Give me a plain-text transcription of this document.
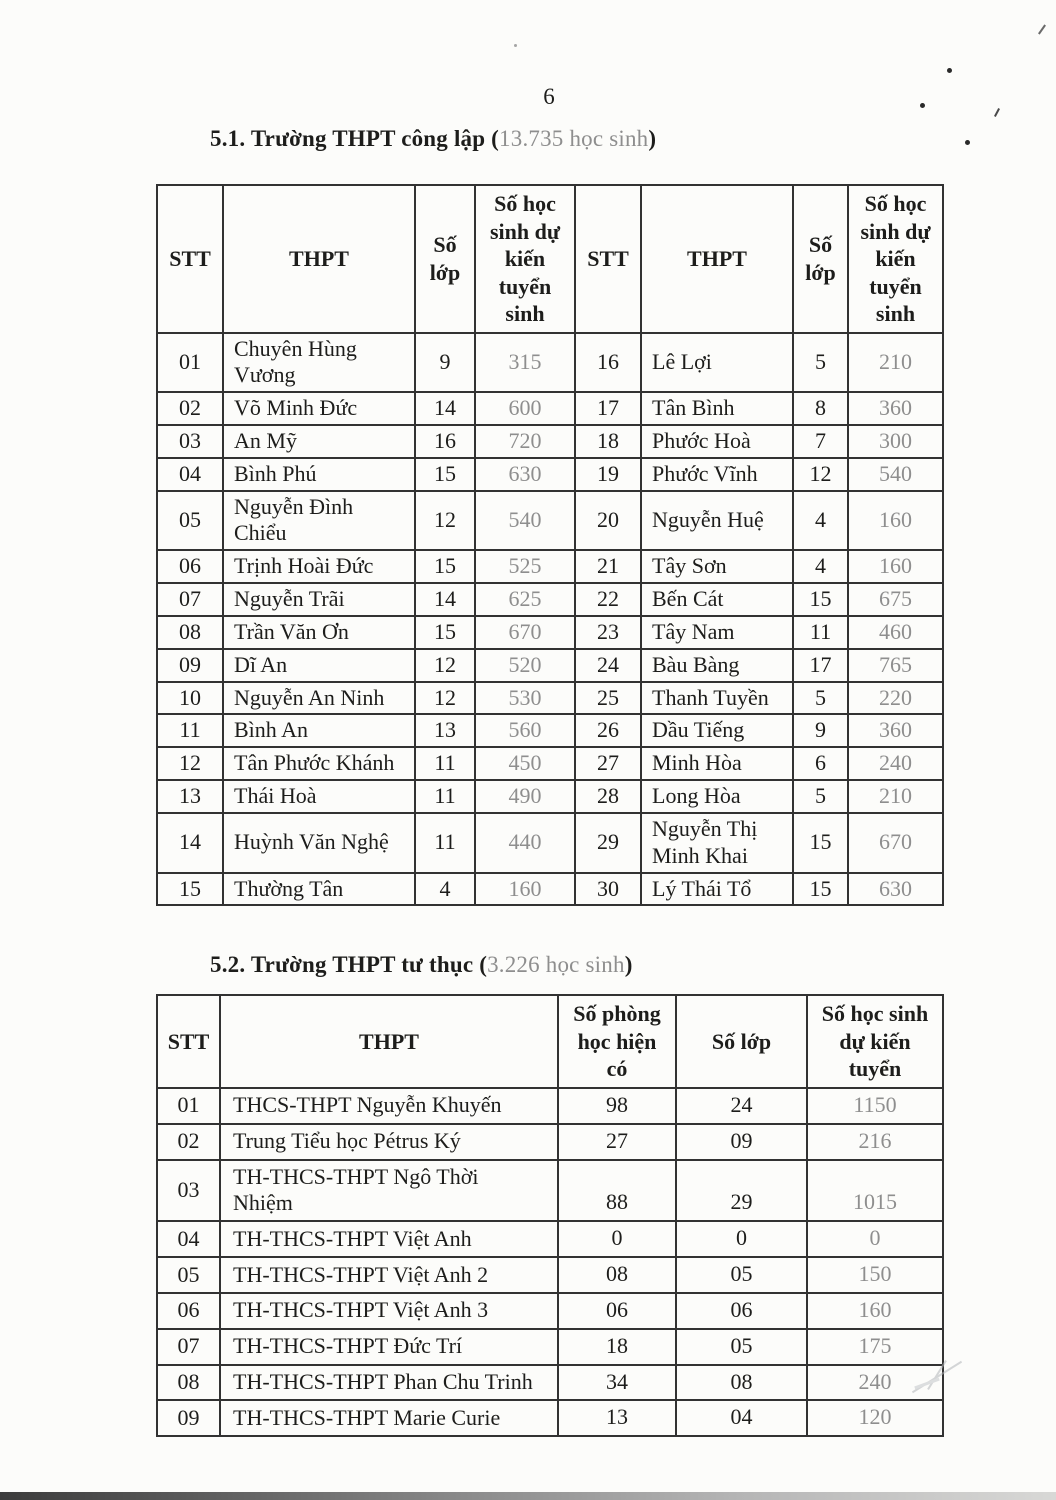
6
5.1. Trường THPT công lập (13.735 học sinh)
STT	THPT	Số lớp	Số học sinh dự kiến tuyển sinh	STT	THPT	Số lớp	Số học sinh dự kiến tuyển sinh
01	Chuyên Hùng Vương	9	315	16	Lê Lợi	5	210
02	Võ Minh Đức	14	600	17	Tân Bình	8	360
03	An Mỹ	16	720	18	Phước Hoà	7	300
04	Bình Phú	15	630	19	Phước Vĩnh	12	540
05	Nguyễn Đình Chiểu	12	540	20	Nguyễn Huệ	4	160
06	Trịnh Hoài Đức	15	525	21	Tây Sơn	4	160
07	Nguyễn Trãi	14	625	22	Bến Cát	15	675
08	Trần Văn Ơn	15	670	23	Tây Nam	11	460
09	Dĩ An	12	520	24	Bàu Bàng	17	765
10	Nguyễn An Ninh	12	530	25	Thanh Tuyền	5	220
11	Bình An	13	560	26	Dầu Tiếng	9	360
12	Tân Phước Khánh	11	450	27	Minh Hòa	6	240
13	Thái Hoà	11	490	28	Long Hòa	5	210
14	Huỳnh Văn Nghệ	11	440	29	Nguyễn Thị Minh Khai	15	670
15	Thường Tân	4	160	30	Lý Thái Tổ	15	630
5.2. Trường THPT tư thục (3.226 học sinh)
STT	THPT	Số phòng học hiện có	Số lớp	Số học sinh dự kiến tuyển
01	THCS-THPT Nguyễn Khuyến	98	24	1150
02	Trung Tiểu học Pétrus Ký	27	09	216
03	TH-THCS-THPT Ngô Thời Nhiệm	88	29	1015
04	TH-THCS-THPT Việt Anh	0	0	0
05	TH-THCS-THPT Việt Anh 2	08	05	150
06	TH-THCS-THPT Việt Anh 3	06	06	160
07	TH-THCS-THPT Đức Trí	18	05	175
08	TH-THCS-THPT Phan Chu Trinh	34	08	240
09	TH-THCS-THPT Marie Curie	13	04	120
